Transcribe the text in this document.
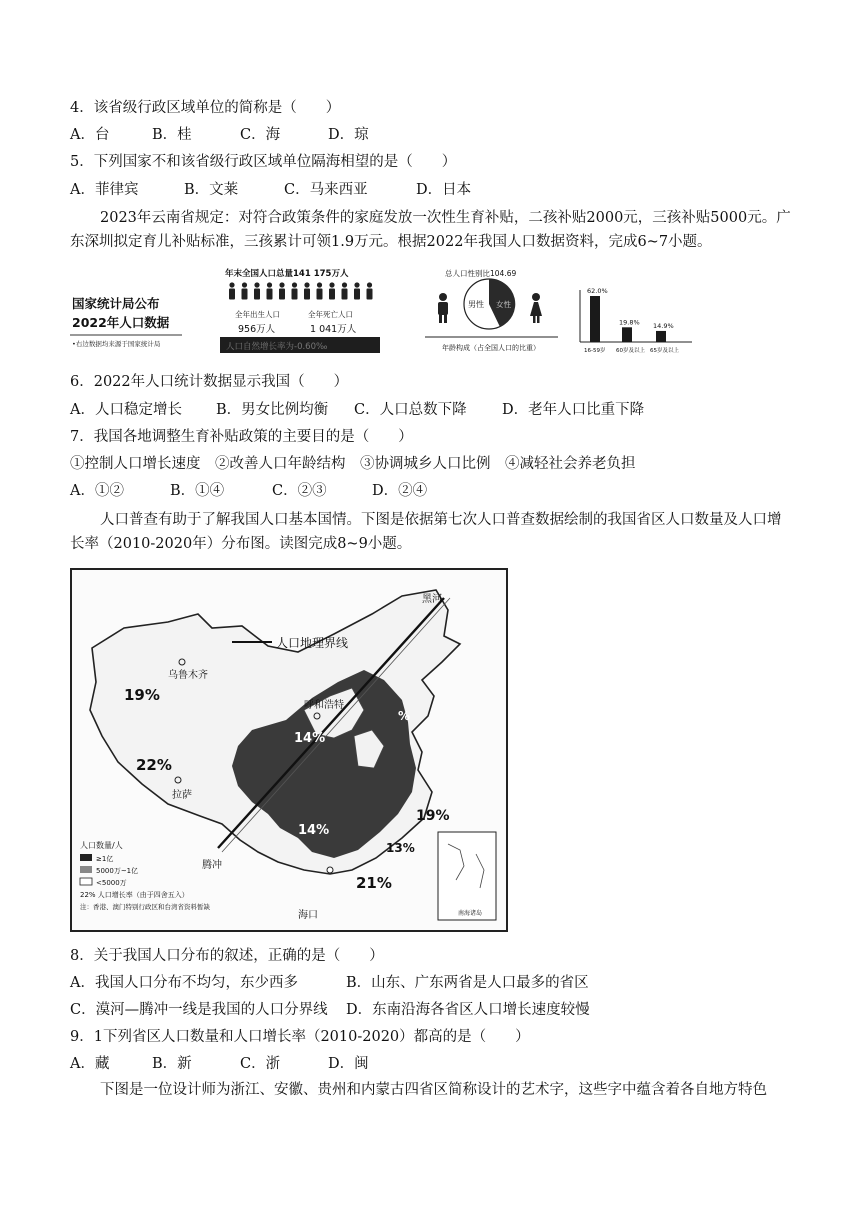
4．该省级行政区域单位的简称是（　　）
A．台	B．桂	C．海	D．琼
5．下列国家不和该省级行政区域单位隔海相望的是（　　）
A．菲律宾	B．文莱	C．马来西亚	D．日本
2023年云南省规定：对符合政策条件的家庭发放一次性生育补贴，二孩补贴2000元，三孩补贴5000元。广东深圳拟定育儿补贴标准，三孩累计可领1.9万元。根据2022年我国人口数据资料，完成6~7小题。
国家统计局公布
2022年人口数据
•右边数据均来源于国家统计局
年末全国人口总量141 175万人
全年出生人口
956万人
全年死亡人口
1 041万人
人口自然增长率为-0.60‰
总人口性别比104.69
男性 女性
年龄构成（占全国人口的比重）
62.0%
16-59岁
19.8%
60岁及以上
14.9%
65岁及以上
6．2022年人口统计数据显示我国（　　）
A．人口稳定增长 B．男女比例均衡 C．人口总数下降 D．老年人口比重下降
7．我国各地调整生育补贴政策的主要目的是（　　）
①控制人口增长速度　②改善人口年龄结构　③协调城乡人口比例　④减轻社会养老负担
A．①②	B．①④	C．②③	D．②④
人口普查有助于了解我国人口基本国情。下图是依据第七次人口普查数据绘制的我国省区人口数量及人口增长率（2010-2020年）分布图。读图完成8~9小题。
人口地理界线
乌鲁木齐
拉萨
呼和浩特
黑河
腾冲
海口
19%
22%
14%
14%
19%
13%
21%
%
人口数量/人
≥1亿
5000万~1亿
<5000万
22% 人口增长率（由于四舍五入）
注：香港、澳门特别行政区和台湾省资料暂缺
南海诸岛
8．关于我国人口分布的叙述，正确的是（　　）
A．我国人口分布不均匀，东少西多	B．山东、广东两省是人口最多的省区
C．漠河—腾冲一线是我国的人口分界线 D．东南沿海各省区人口增长速度较慢
9．1下列省区人口数量和人口增长率（2010-2020）都高的是（　　）
A．藏	B．新	C．浙	D．闽
下图是一位设计师为浙江、安徽、贵州和内蒙古四省区简称设计的艺术字，这些字中蕴含着各自地方特色
